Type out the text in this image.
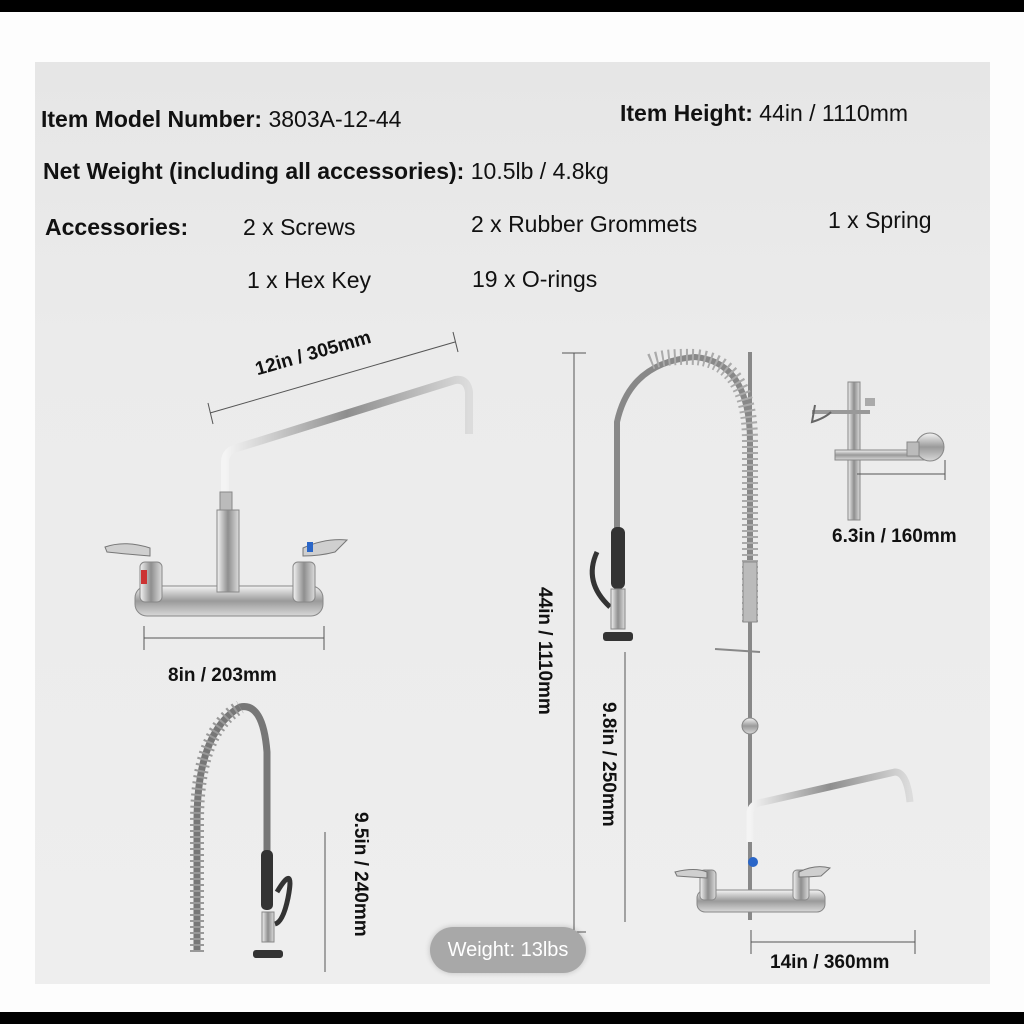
Item Model Number: 3803A-12-44	Item Height: 44in / 1110mm
Net Weight (including all accessories): 10.5lb / 4.8kg
Accessories: 2 x Screws	2 x Rubber Grommets	1 x Spring
1 x Hex Key	19 x O-rings
12in / 305mm
8in / 203mm	44in / 1110mm
9.8in / 250mm
6.3in / 160mm
9.5in / 240mm
14in / 360mm
Weight: 13lbs
